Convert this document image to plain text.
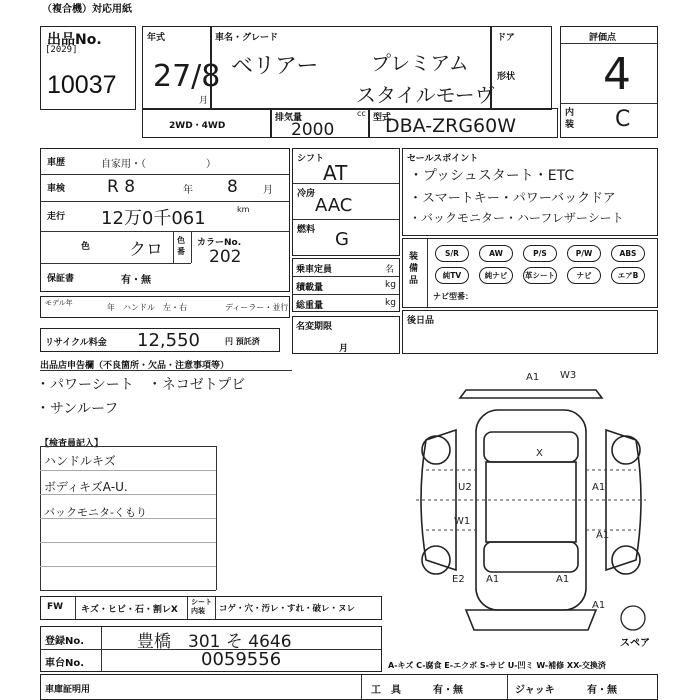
（複合機）対応用紙
出品No.
[2029]
10037
年式
27/8
月
車名・グレード
ベリアー	プレミアム
スタイルモーヴ
ドア
形状
評価点
4
内装 C
2WD・4WD
排気量	cc
2000
型式
DBA-ZRG60W
車歴	自家用・（　　　　　　）
車検 R 8	年 8	月
走行 12万0千061	km
色 クロ 色番
カラーNo.
202
保証書	有・無
モデル年	年　ハンドル　左・右	ディーラー・並行
リサイクル料金 12,550	円 預託済
シフト
AT
冷房
AAC
燃料 G
乗車定員	名
積載量	kg
総重量	kg
名変期限
月
セールスポイント
・プッシュスタート・ETC
・スマートキー・パワーバックドア
・バックモニター・ハーフレザーシート
装備品
S/R	AW	P/S	P/W	ABS
純TV	純ナビ	革シート	ナビ	エアB
ナビ型番：
後日品
出品店申告欄（不良箇所・欠品・注意事項等）
・パワーシート　・ネコゼトプビ
・サンルーフ
【検査員記入】
ハンドルキズ
ボディキズA-U.
バックモニタ-くもり
FW キズ・ヒビ・石・割レX
シート内装	コゲ・穴・汚レ・すれ・破レ・ヌレ
登録No.	豊橋　301 そ 4646
車台No.	0059556
車庫証明用	工　具	有・無	ジャッキ	有・無
A-キズ C-腐食 E-エクボ S-サビ U-凹ミ W-補修 XX-交換済
A1 W3
X
U2	A1
A1
W1
E2 A1	A1
A1
スペア
